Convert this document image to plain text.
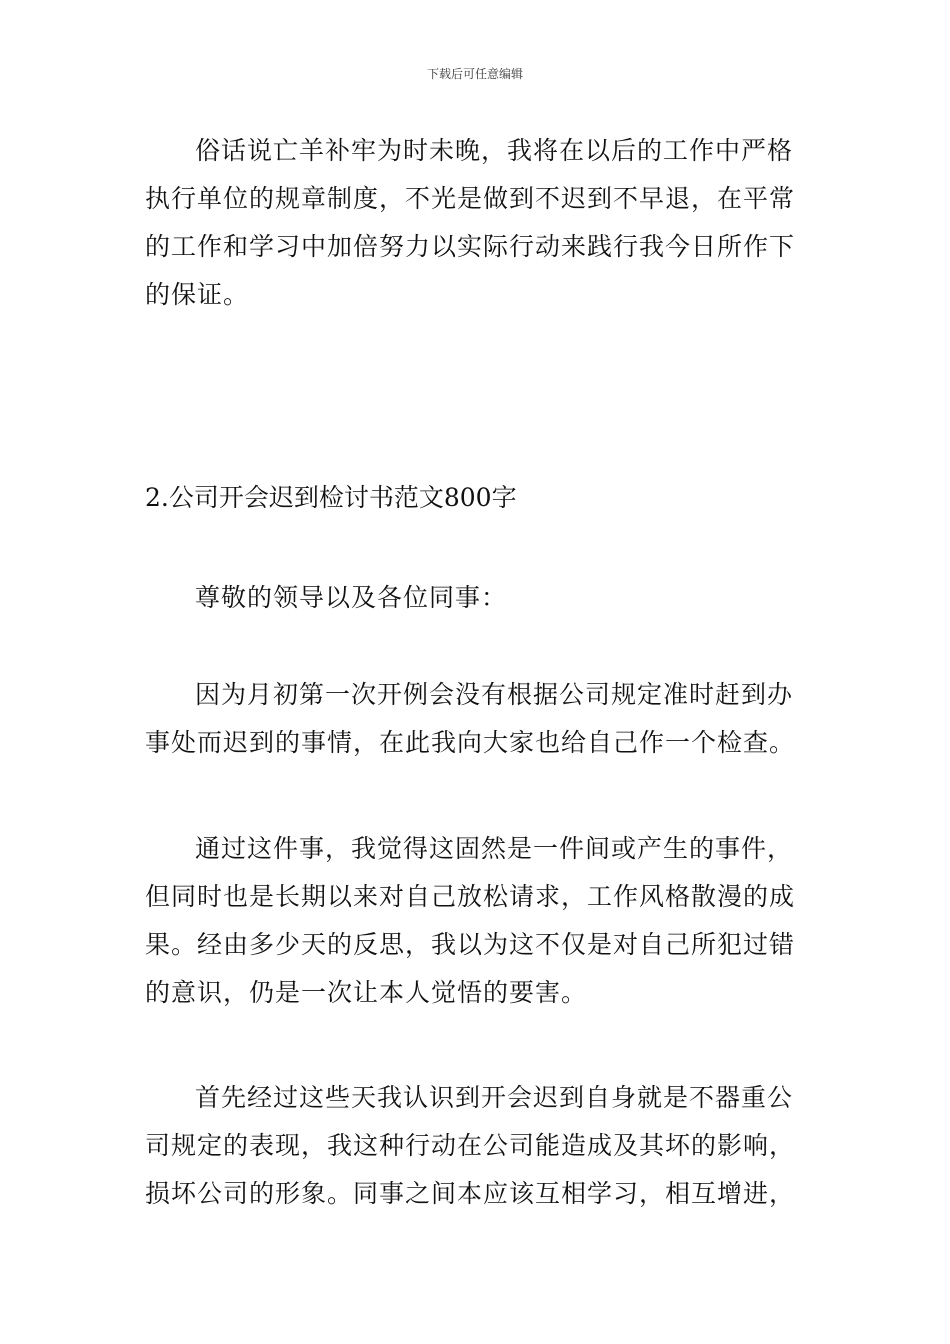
下载后可任意编辑

俗话说亡羊补牢为时未晚，我将在以后的工作中严格执行单位的规章制度，不光是做到不迟到不早退，在平常的工作和学习中加倍努力以实际行动来践行我今日所作下的保证。

2.公司开会迟到检讨书范文800字

尊敬的领导以及各位同事：

因为月初第一次开例会没有根据公司规定准时赶到办事处而迟到的事情，在此我向大家也给自己作一个检查。

通过这件事，我觉得这固然是一件间或产生的事件，但同时也是长期以来对自己放松请求，工作风格散漫的成果。经由多少天的反思，我以为这不仅是对自己所犯过错的意识，仍是一次让本人觉悟的要害。

首先经过这些天我认识到开会迟到自身就是不器重公司规定的表现，我这种行动在公司能造成及其坏的影响，损坏公司的形象。同事之间本应该互相学习，相互增进，
